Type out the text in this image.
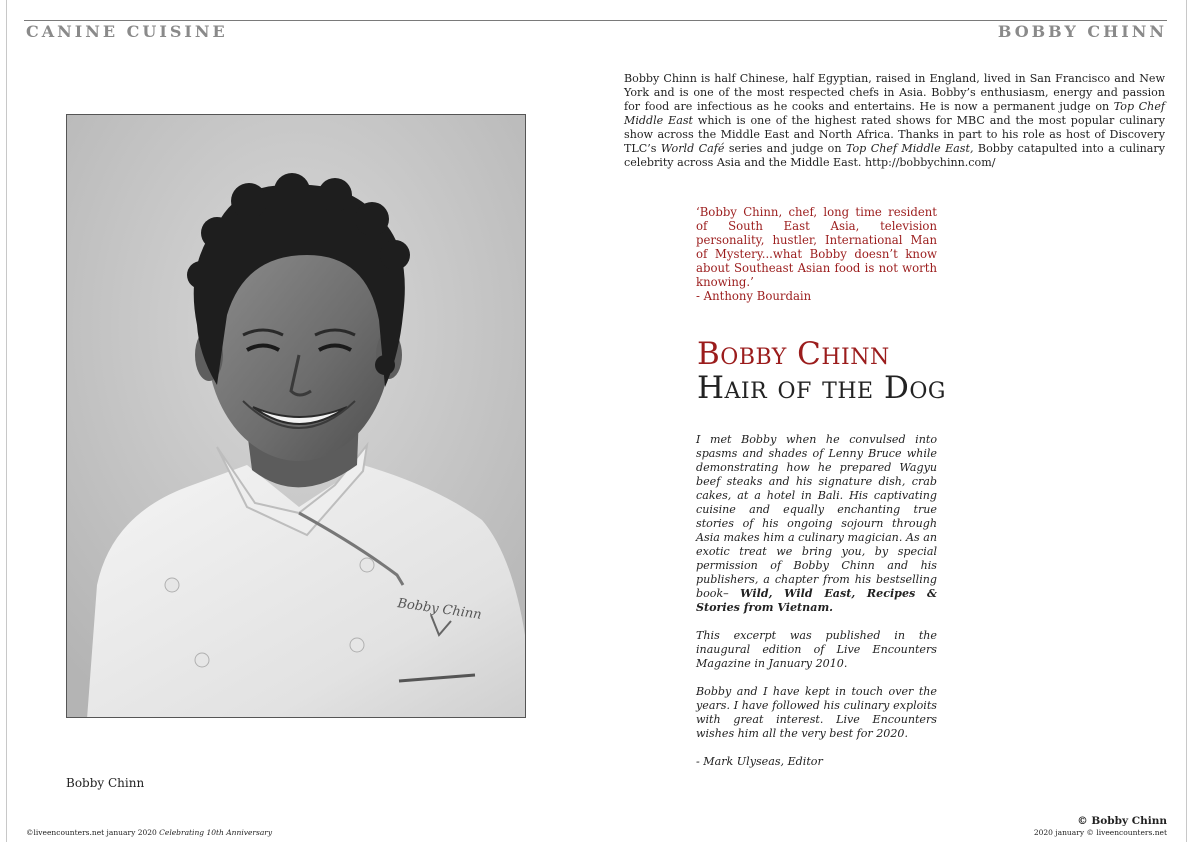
CANINE CUISINE	BOBBY CHINN
Bobby Chinn is half Chinese, half Egyptian, raised in England, lived in San Francisco and New York and is one of the most respected chefs in Asia. Bobby’s enthusiasm, energy and passion for food are infectious as he cooks and entertains. He is now a permanent judge on Top Chef Middle East which is one of the highest rated shows for MBC and the most popular culinary show across the Middle East and North Africa. Thanks in part to his role as host of Discovery TLC’s World Café series and judge on Top Chef Middle East, Bobby catapulted into a culinary celebrity across Asia and the Middle East. http://bobbychinn.com/
Bobby Chinn
Bobby Chinn
‘Bobby Chinn, chef, long time resident of South East Asia, television personality, hustler, International Man of Mystery...what Bobby doesn’t know about Southeast Asian food is not worth knowing.’
- Anthony Bourdain
Bobby Chinn
Hair of the Dog

I met Bobby when he convulsed into spasms and shades of Lenny Bruce while demonstrating how he prepared Wagyu beef steaks and his signature dish, crab cakes, at a hotel in Bali. His captivating cuisine and equally enchanting true stories of his ongoing sojourn through Asia makes him a culinary magician. As an exotic treat we bring you, by special permission of Bobby Chinn and his publishers, a chapter from his bestselling book– Wild, Wild East, Recipes & Stories from Vietnam.

This excerpt was published in the inaugural edition of Live Encounters Magazine in January 2010.

Bobby and I have kept in touch over the years. I have followed his culinary exploits with great interest. Live Encounters wishes him all the very best for 2020.

- Mark Ulyseas, Editor

© Bobby Chinn
©liveencounters.net january 2020 Celebrating 10th Anniversary	2020 january © liveencounters.net
